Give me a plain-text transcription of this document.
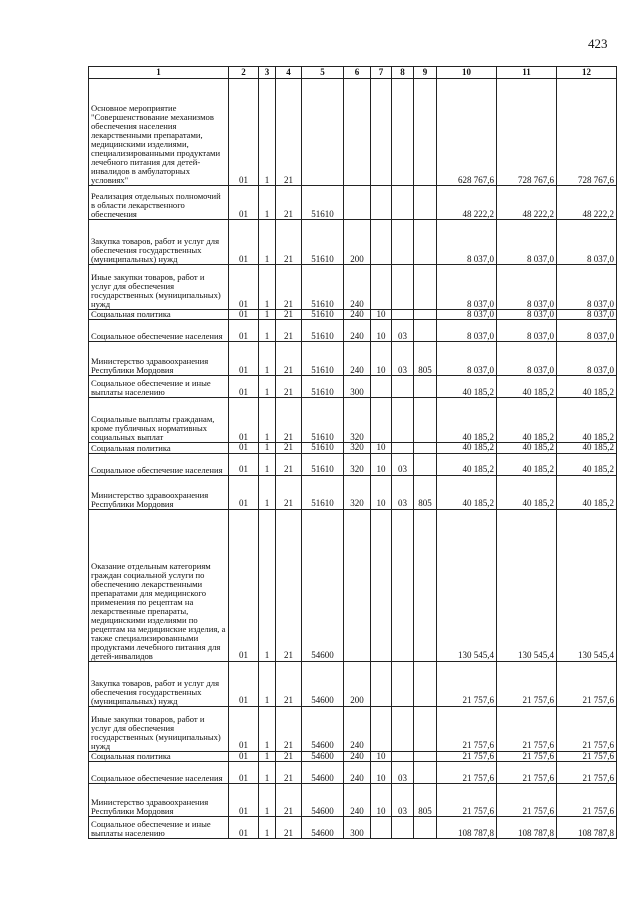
423
1	2	3	4	5	6	7	8	9	10	11	12
Основное мероприятие "Совершенствование механизмов обеспечения населения лекарственными препаратами, медицинскими изделиями, специализированными продуктами лечебного питания для детей-инвалидов в амбулаторных условиях"	01	1	21						628 767,6	728 767,6	728 767,6
Реализация отдельных полномочий в области лекарственного обеспечения	01	1	21	51610					48 222,2	48 222,2	48 222,2
Закупка товаров, работ и услуг для обеспечения государственных (муниципальных) нужд	01	1	21	51610	200				8 037,0	8 037,0	8 037,0
Иные закупки товаров, работ и услуг для обеспечения государственных (муниципальных) нужд	01	1	21	51610	240				8 037,0	8 037,0	8 037,0
Социальная политика	01	1	21	51610	240	10			8 037,0	8 037,0	8 037,0
Социальное обеспечение населения	01	1	21	51610	240	10	03		8 037,0	8 037,0	8 037,0
Министерство здравоохранения Республики Мордовия	01	1	21	51610	240	10	03	805	8 037,0	8 037,0	8 037,0
Социальное обеспечение и иные выплаты населению	01	1	21	51610	300				40 185,2	40 185,2	40 185,2
Социальные выплаты гражданам, кроме публичных нормативных социальных выплат	01	1	21	51610	320				40 185,2	40 185,2	40 185,2
Социальная политика	01	1	21	51610	320	10			40 185,2	40 185,2	40 185,2
Социальное обеспечение населения	01	1	21	51610	320	10	03		40 185,2	40 185,2	40 185,2
Министерство здравоохранения Республики Мордовия	01	1	21	51610	320	10	03	805	40 185,2	40 185,2	40 185,2
Оказание отдельным категориям граждан социальной услуги по обеспечению лекарственными препаратами для медицинского применения по рецептам на лекарственные препараты, медицинскими изделиями по рецептам на медицинские изделия, а также специализированными продуктами лечебного питания для детей-инвалидов	01	1	21	54600					130 545,4	130 545,4	130 545,4
Закупка товаров, работ и услуг для обеспечения государственных (муниципальных) нужд	01	1	21	54600	200				21 757,6	21 757,6	21 757,6
Иные закупки товаров, работ и услуг для обеспечения государственных (муниципальных) нужд	01	1	21	54600	240				21 757,6	21 757,6	21 757,6
Социальная политика	01	1	21	54600	240	10			21 757,6	21 757,6	21 757,6
Социальное обеспечение населения	01	1	21	54600	240	10	03		21 757,6	21 757,6	21 757,6
Министерство здравоохранения Республики Мордовия	01	1	21	54600	240	10	03	805	21 757,6	21 757,6	21 757,6
Социальное обеспечение и иные выплаты населению	01	1	21	54600	300				108 787,8	108 787,8	108 787,8
